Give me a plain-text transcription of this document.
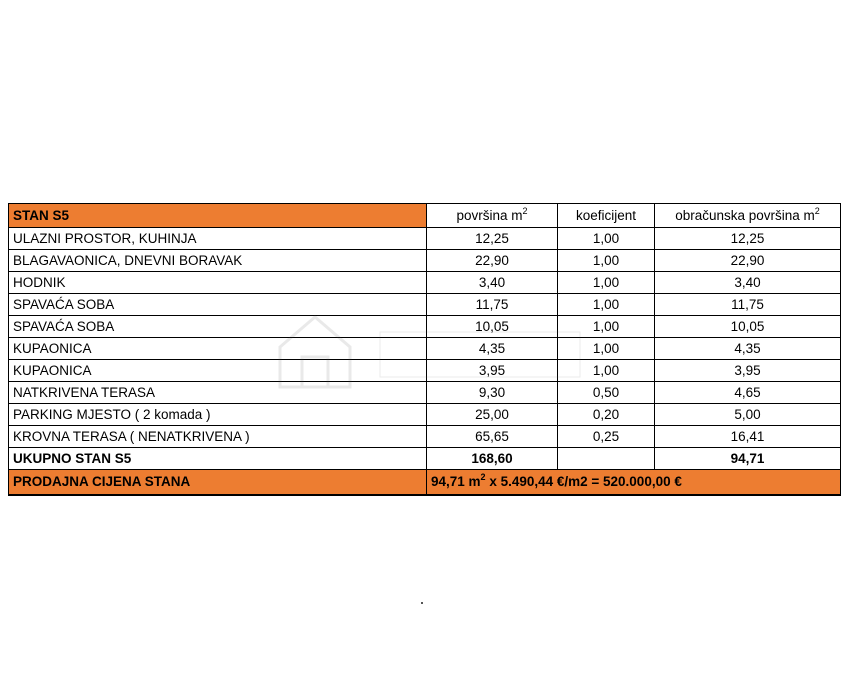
STAN S5	površina $m^2$	koeficijent	obračunska površina $m^2$
ULAZNI PROSTOR, KUHINJA	12,25	1,00	12,25
BLAGAVAONICA, DNEVNI BORAVAK	22,90	1,00	22,90
HODNIK	3,40	1,00	3,40
SPAVAĆA SOBA	11,75	1,00	11,75
SPAVAĆA SOBA	10,05	1,00	10,05
KUPAONICA	4,35	1,00	4,35
KUPAONICA	3,95	1,00	3,95
NATKRIVENA TERASA	9,30	0,50	4,65
PARKING MJESTO ( 2 komada )	25,00	0,20	5,00
KROVNA TERASA ( NENATKRIVENA )	65,65	0,25	16,41
UKUPNO STAN S5	168,60		94,71
PRODAJNA CIJENA STANA	94,71 $m^2$ x 5.490,44 €/m2 = 520.000,00 €		
